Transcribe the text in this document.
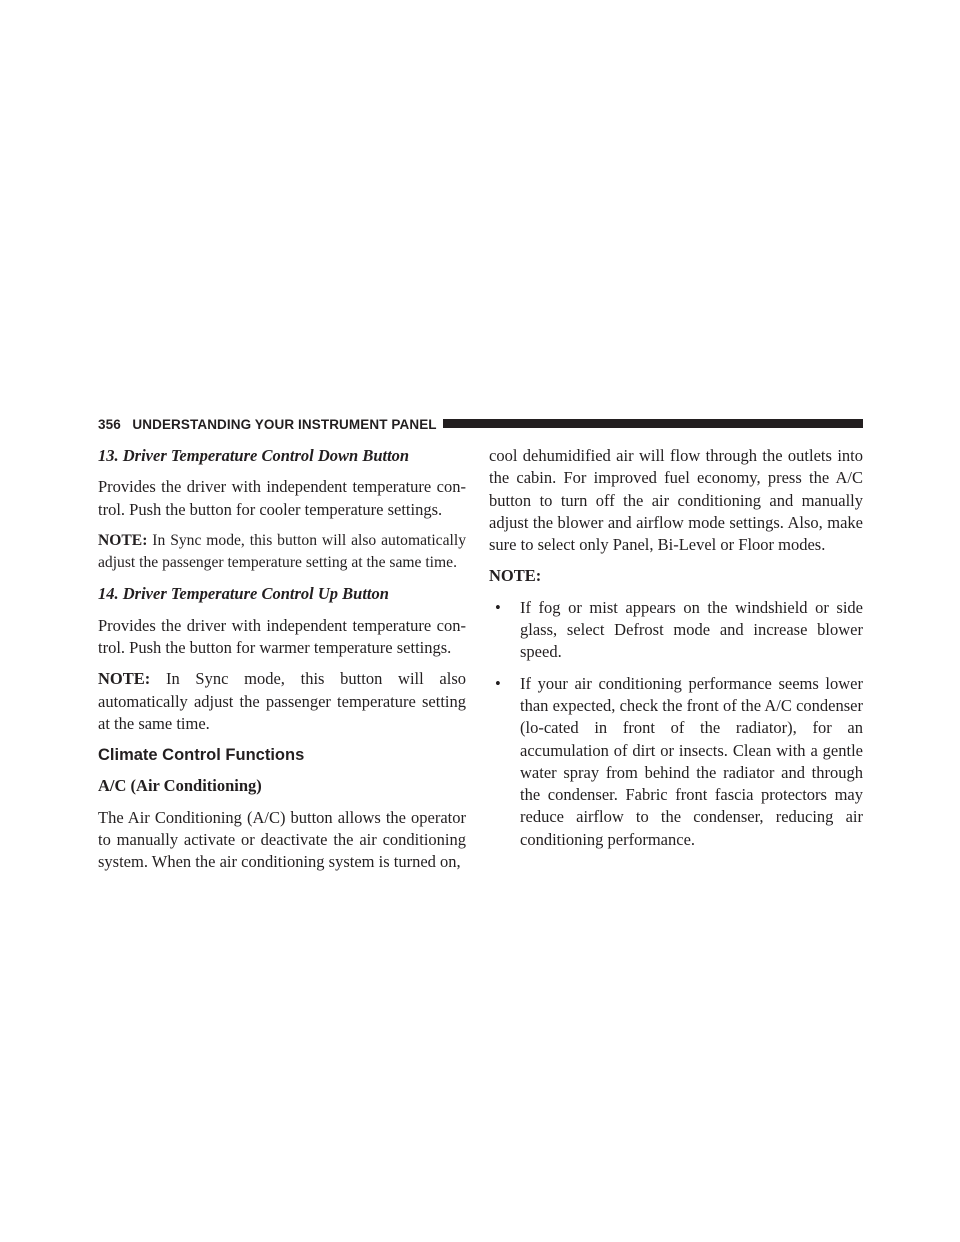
356 UNDERSTANDING YOUR INSTRUMENT PANEL

13. Driver Temperature Control Down Button

Provides the driver with independent temperature con-trol. Push the button for cooler temperature settings.

NOTE: In Sync mode, this button will also automatically adjust the passenger temperature setting at the same time.

14. Driver Temperature Control Up Button

Provides the driver with independent temperature con-trol. Push the button for warmer temperature settings.

NOTE: In Sync mode, this button will also automatically adjust the passenger temperature setting at the same time.

Climate Control Functions

A/C (Air Conditioning)

The Air Conditioning (A/C) button allows the operator to manually activate or deactivate the air conditioning system. When the air conditioning system is turned on,

cool dehumidified air will flow through the outlets into the cabin. For improved fuel economy, press the A/C button to turn off the air conditioning and manually adjust the blower and airflow mode settings. Also, make sure to select only Panel, Bi-Level or Floor modes.

NOTE:

• If fog or mist appears on the windshield or side glass, select Defrost mode and increase blower speed.
• If your air conditioning performance seems lower than expected, check the front of the A/C condenser (lo-cated in front of the radiator), for an accumulation of dirt or insects. Clean with a gentle water spray from behind the radiator and through the condenser. Fabric front fascia protectors may reduce airflow to the condenser, reducing air conditioning performance.
